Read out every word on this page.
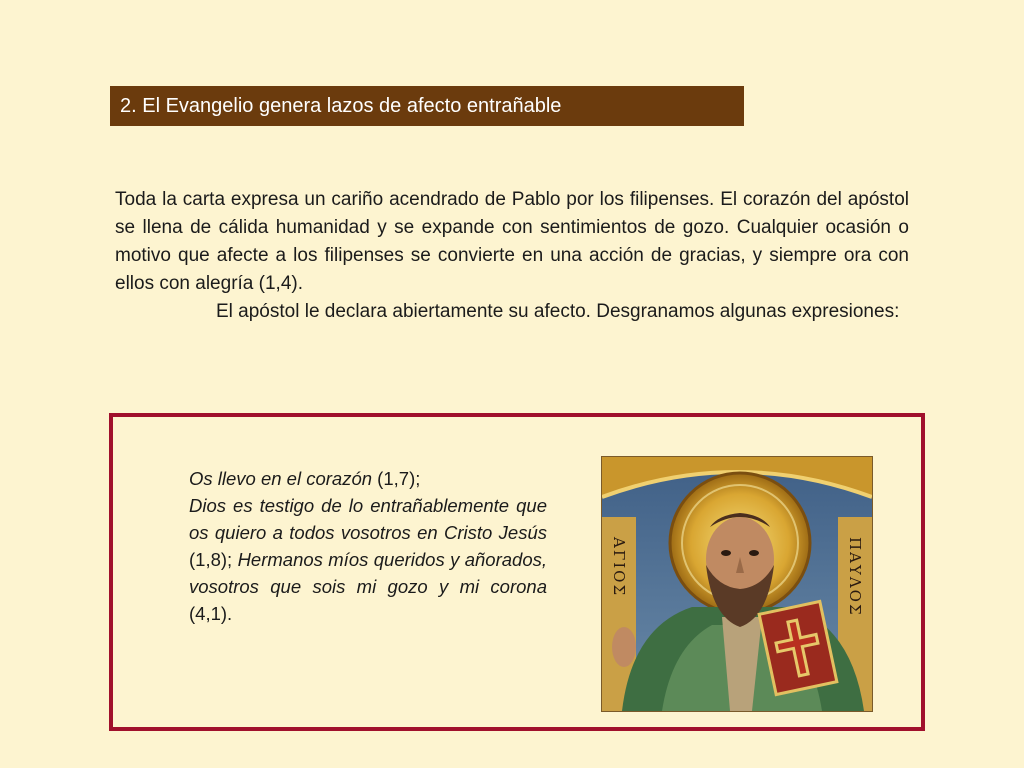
2. El Evangelio genera lazos de afecto entrañable

Toda la carta expresa un cariño acendrado de Pablo por los filipenses. El corazón del apóstol se llena de cálida humanidad y se expande con sentimientos de gozo. Cualquier ocasión o motivo que afecte a los filipenses se convierte en una acción de gracias, y siempre ora con ellos con alegría (1,4).

El apóstol le declara abiertamente su afecto. Desgranamos algunas expresiones:

Os llevo en el corazón (1,7);

Dios es testigo de lo entrañablemente que os quiero a todos vosotros en Cristo Jesús (1,8); Hermanos míos queridos y añorados, vosotros que sois mi gozo y mi corona (4,1).

ΑΓΙΟΣ	ΠΑΥΛΟΣ
